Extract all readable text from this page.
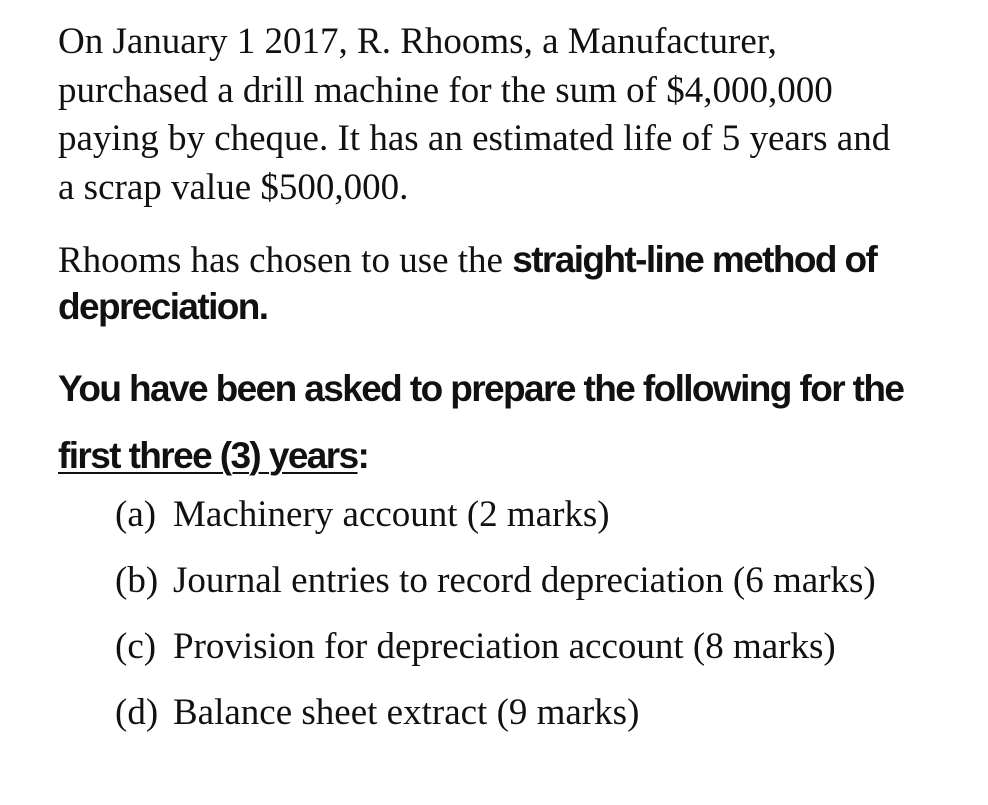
On January 1 2017, R. Rhooms, a Manufacturer,
purchased a drill machine for the sum of $4,000,000
paying by cheque. It has an estimated life of 5 years and
a scrap value $500,000.

Rhooms has chosen to use the straight-line method of
depreciation.

You have been asked to prepare the following for the
first three (3) years:

(a) Machinery account (2 marks)
(b) Journal entries to record depreciation (6 marks)
(c) Provision for depreciation account (8 marks)
(d) Balance sheet extract (9 marks)
